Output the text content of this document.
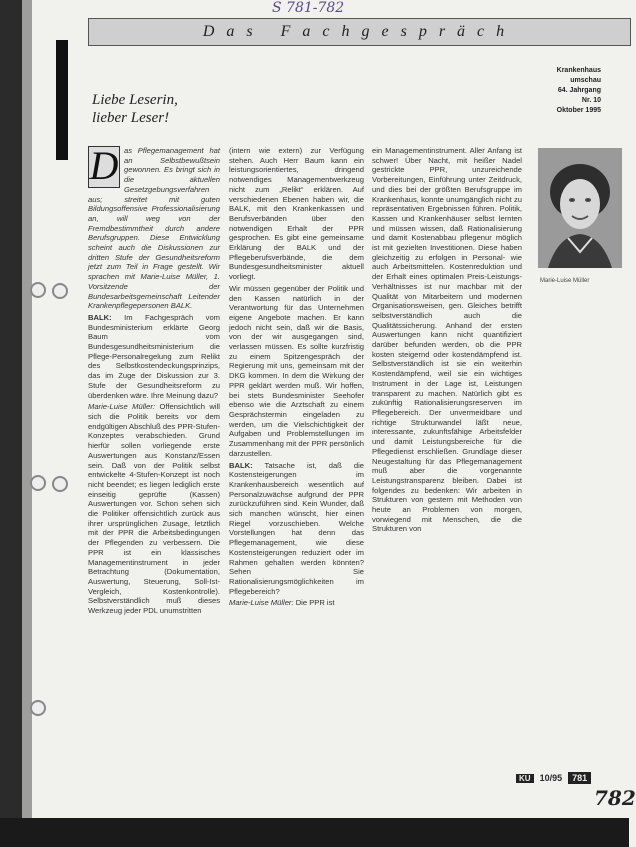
S 781-782
Das Fachgespräch
Krankenhaus
umschau
64. Jahrgang
Nr. 10
Oktober 1995
Liebe Leserin,
lieber Leser!

D as Pflegemanagement hat an Selbstbewußtsein gewonnen. Es bringt sich in die aktuellen Gesetzgebungsverfahren aus; streitet mit guten Bildungsoffensive Professionalisierung an, will weg von der Fremdbestimmtheit durch andere Berufsgruppen. Diese Entwicklung scheint auch die Diskussionen zur dritten Stufe der Gesundheitsreform jetzt zum Teil in Frage gestellt. Wir sprachen mit Marie-Luise Müller, 1. Vorsitzende der Bundesarbeitsgemeinschaft Leitender Krankenpflegepersonen BALK.

BALK: Im Fachgespräch vom Bundesministerium erklärte Georg Baum vom Bundesgesundheitsministerium die Pflege-Personalregelung zum Relikt des Selbstkostendeckungsprinzips, das im Zuge der Diskussion zur 3. Stufe der Gesundheitsreform zu überdenken wäre. Ihre Meinung dazu?

Marie-Luise Müller: Offensichtlich will sich die Politik bereits vor dem endgültigen Abschluß des PPR-Stufen-Konzeptes verabschieden. Grund hierfür sollen vorliegende erste Auswertungen aus Konstanz/Essen sein. Daß von der Politik selbst entwickelte 4-Stufen-Konzept ist noch nicht beendet; es liegen lediglich erste einseitig geprüfte (Kassen) Auswertungen vor. Schon sehen sich die Politiker offensichtlich zurück aus ihrer ursprünglichen Zusage, letztlich mit der PPR die Arbeitsbedingungen der Pflegenden zu verbessern. Die PPR ist ein klassisches Managementinstrument in jeder Betrachtung (Dokumentation, Auswertung, Steuerung, Soll-Ist-Vergleich, Kostenkontrolle). Selbstverständlich muß dieses Werkzeug jeder PDL unumstritten

(intern wie extern) zur Verfügung stehen. Auch Herr Baum kann ein leistungsorientiertes, dringend notwendiges Managementwerkzeug nicht zum „Relikt“ erklären. Auf verschiedenen Ebenen haben wir, die BALK, mit den Krankenkassen und Berufsverbänden über den notwendigen Erhalt der PPR gesprochen. Es gibt eine gemeinsame Erklärung der BALK und der Pflegeberufsverbände, die dem Bundesgesundheitsminister aktuell vorliegt.

Wir müssen gegenüber der Politik und den Kassen natürlich in der Verantwortung für das Unternehmen eigene Angebote machen. Er kann jedoch nicht sein, daß wir die Basis, von der wir ausgegangen sind, verlassen müssen. Es sollte kurzfristig zu einem Spitzengespräch der Regierung mit uns, gemeinsam mit der DKG kommen. In dem die Wirkung der PPR geklärt werden muß. Wir hoffen, bei stets Bundesminister Seehofer ebenso wie die Arztschaft zu einem Gesprächstermin eingeladen zu werden, um die Vielschichtigkeit der Aufgaben und Problemstellungen im Zusammenhang mit der PPR persönlich darzustellen.

BALK: Tatsache ist, daß die Kostensteigerungen im Krankenhausbereich wesentlich auf Personalzuwächse aufgrund der PPR zurückzuführen sind. Kein Wunder, daß sich manchen wünscht, hier einen Riegel vorzuschieben. Welche Vorstellungen hat denn das Pflegemanagement, wie diese Kostensteigerungen reduziert oder im Rahmen gehalten werden könnten? Sehen Sie Rationalisierungsmöglichkeiten im Pflegebereich?

Marie-Luise Müller: Die PPR ist

ein Managementinstrument. Aller Anfang ist schwer! Über Nacht, mit heißer Nadel gestrickte PPR, unzureichende Vorbereitungen, Einführung unter Zeitdruck, und dies bei der größten Berufsgruppe im Krankenhaus, konnte unumgänglich nicht zu repräsentativen Ergebnissen führen. Politik, Kassen und Krankenhäuser selbst lernten und müssen wissen, daß Rationalisierung und damit Kostenabbau pflegenur möglich ist mit gezielten Investitionen. Diese haben gleichzeitig zu erfolgen in Personal- wie auch Arbeitsmittelen. Kostenreduktion und der Erhalt eines optimalen Preis-Leistungs-Verhältnisses ist nur machbar mit der Qualität von Mitarbeitern und modernen Organisationsweisen, gen. Gleiches betrifft selbstverständlich auch die Qualitätssicherung. Anhand der ersten Auswertungen kann nicht quantifiziert darüber befunden werden, ob die PPR kosten steigernd oder kostendämpfend ist. Selbstverständlich ist sie ein weiterhin Kostendämpfend, weil sie ein wichtiges Instrument in der Lage ist, Leistungen transparent zu machen. Natürlich gibt es zukünftig Rationalisierungsreserven im Pflegebereich. Der unvermeidbare und richtige Strukturwandel läßt neue, interessante, zukunftsfähige Arbeitsfelder und damit Leistungsbereiche für die Pflegedienst erschließen. Grundlage dieser Neugestaltung für das Pflegemanagement muß aber die vorgenannte Leistungstransparenz bleiben. Dabei ist folgendes zu bedenken: Wir arbeiten in Strukturen von gestern mit Methoden von heute an Problemen von morgen, vorwiegend mit Menschen, die die Strukturen von

Marie-Luise Müller
KU	10/95	781
782
